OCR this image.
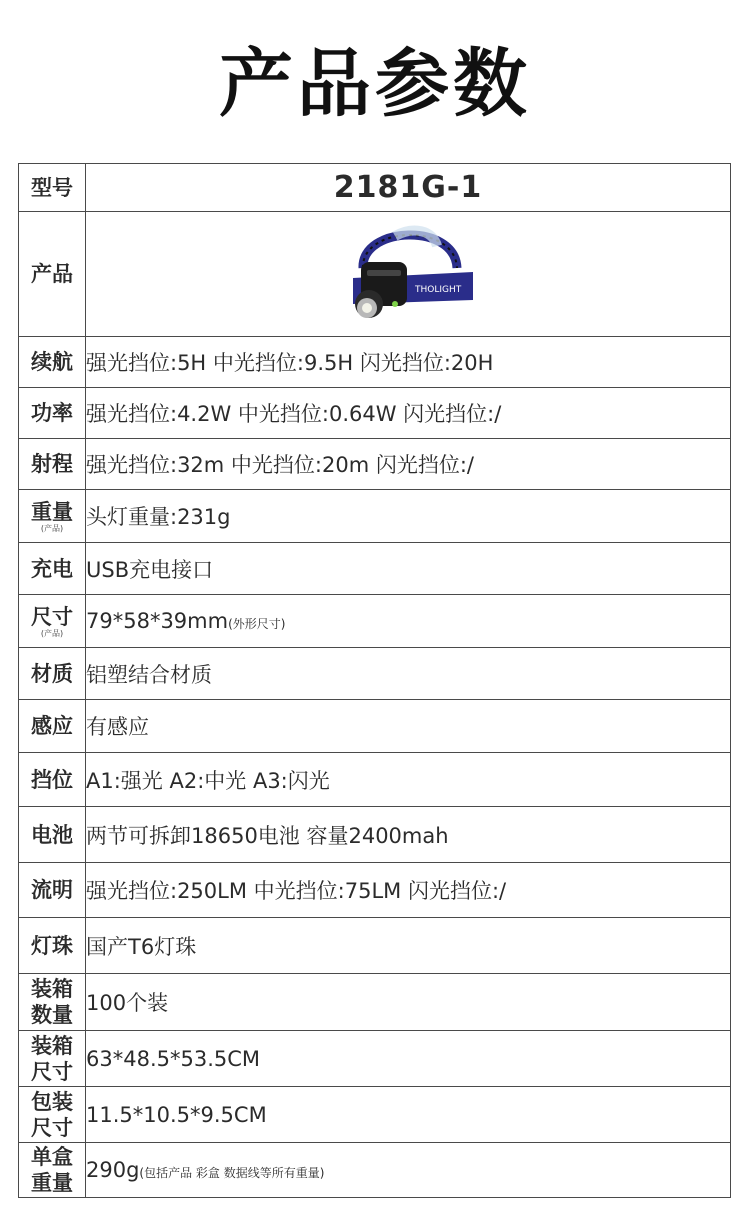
产品参数
型号	2181G-1
产品	THOLIGHT

续航	强光挡位:5H 中光挡位:9.5H 闪光挡位:20H
功率	强光挡位:4.2W 中光挡位:0.64W 闪光挡位:/
射程	强光挡位:32m 中光挡位:20m 闪光挡位:/
重量
(产品)	头灯重量:231g
充电	USB充电接口
尺寸
(产品)	79*58*39mm(外形尺寸)
材质	铝塑结合材质
感应	有感应
挡位	A1:强光 A2:中光 A3:闪光
电池	两节可拆卸18650电池 容量2400mah
流明	强光挡位:250LM 中光挡位:75LM 闪光挡位:/
灯珠	国产T6灯珠

装箱
数量	100个装

装箱
尺寸	63*48.5*53.5CM

包装
尺寸	11.5*10.5*9.5CM

单盒
重量	290g(包括产品 彩盒 数据线等所有重量)
